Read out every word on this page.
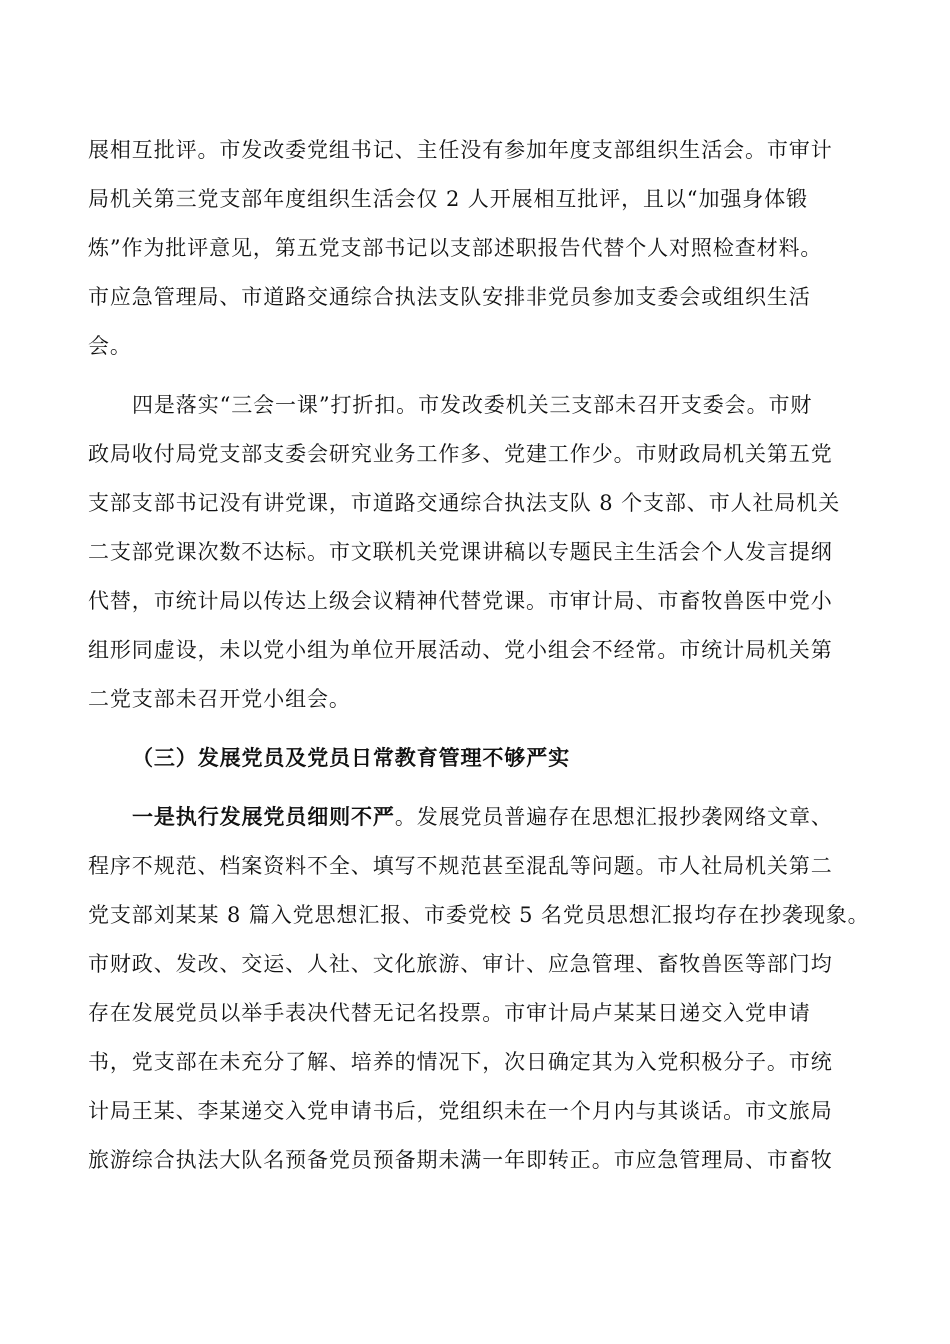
展相互批评。市发改委党组书记、主任没有参加年度支部组织生活会。市审计
局机关第三党支部年度组织生活会仅 2 人开展相互批评，且以“加强身体锻
炼”作为批评意见，第五党支部书记以支部述职报告代替个人对照检查材料。
市应急管理局、市道路交通综合执法支队安排非党员参加支委会或组织生活
会。
四是落实“三会一课”打折扣。市发改委机关三支部未召开支委会。市财
政局收付局党支部支委会研究业务工作多、党建工作少。市财政局机关第五党
支部支部书记没有讲党课，市道路交通综合执法支队 8 个支部、市人社局机关
二支部党课次数不达标。市文联机关党课讲稿以专题民主生活会个人发言提纲
代替，市统计局以传达上级会议精神代替党课。市审计局、市畜牧兽医中党小
组形同虚设，未以党小组为单位开展活动、党小组会不经常。市统计局机关第
二党支部未召开党小组会。
（三）发展党员及党员日常教育管理不够严实
一是执行发展党员细则不严。发展党员普遍存在思想汇报抄袭网络文章、
程序不规范、档案资料不全、填写不规范甚至混乱等问题。市人社局机关第二
党支部刘某某 8 篇入党思想汇报、市委党校 5 名党员思想汇报均存在抄袭现象。
市财政、发改、交运、人社、文化旅游、审计、应急管理、畜牧兽医等部门均
存在发展党员以举手表决代替无记名投票。市审计局卢某某日递交入党申请
书，党支部在未充分了解、培养的情况下，次日确定其为入党积极分子。市统
计局王某、李某递交入党申请书后，党组织未在一个月内与其谈话。市文旅局
旅游综合执法大队名预备党员预备期未满一年即转正。市应急管理局、市畜牧
